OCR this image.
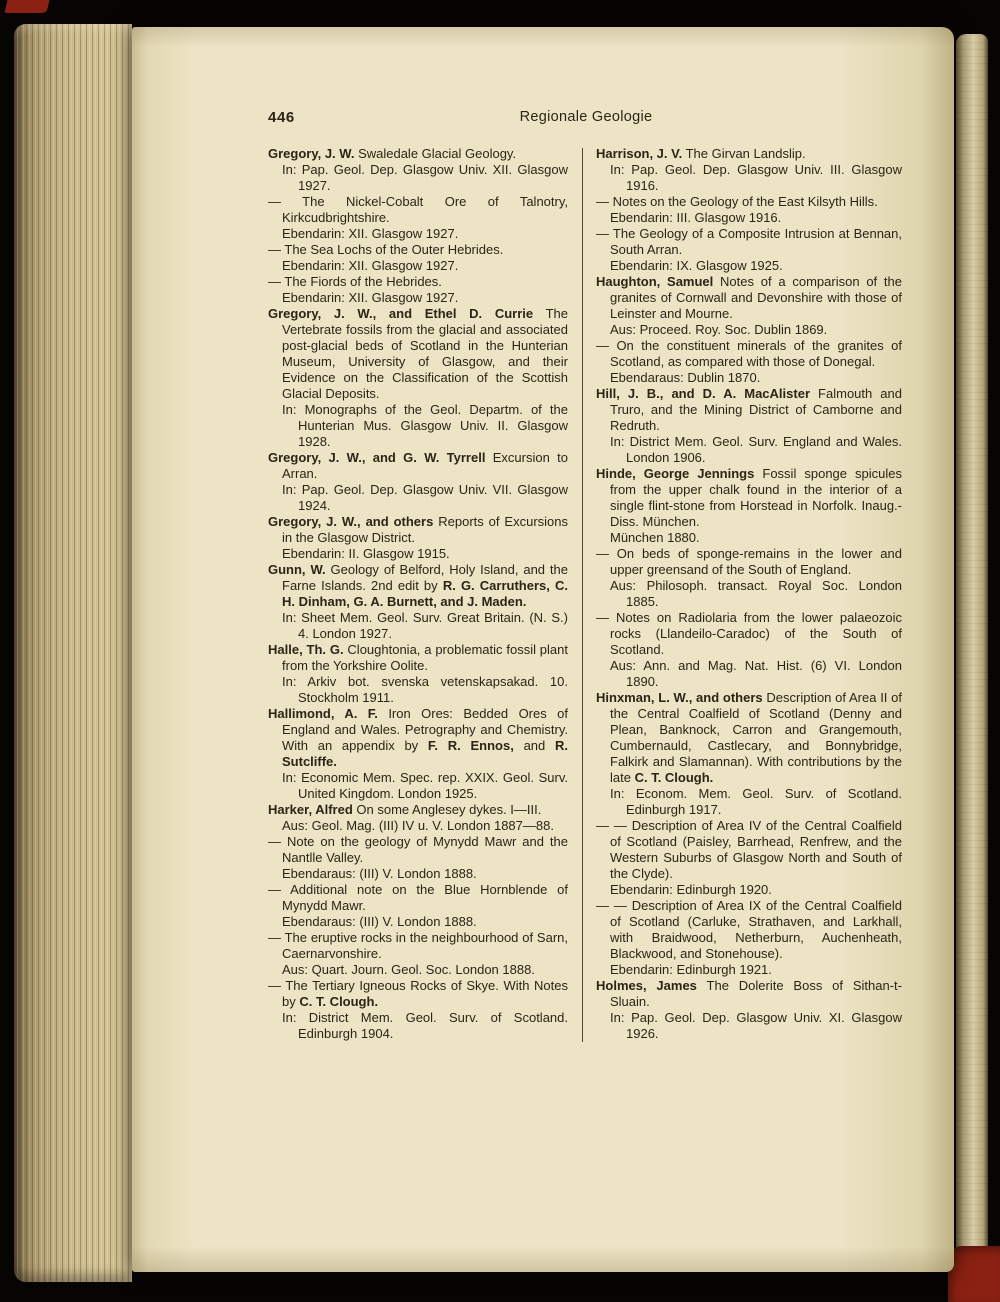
446	Regionale Geologie

Gregory, J. W. Swaledale Glacial Geology.

In: Pap. Geol. Dep. Glasgow Univ. XII. Glasgow 1927.

— The Nickel-Cobalt Ore of Talnotry, Kirkcudbrightshire.

Ebendarin: XII. Glasgow 1927.

— The Sea Lochs of the Outer Hebrides.

Ebendarin: XII. Glasgow 1927.

— The Fiords of the Hebrides.

Ebendarin: XII. Glasgow 1927.

Gregory, J. W., and Ethel D. Currie The Vertebrate fossils from the glacial and associated post-glacial beds of Scotland in the Hunterian Museum, University of Glasgow, and their Evidence on the Classification of the Scottish Glacial Deposits.

In: Monographs of the Geol. Departm. of the Hunterian Mus. Glasgow Univ. II. Glasgow 1928.

Gregory, J. W., and G. W. Tyrrell Excursion to Arran.

In: Pap. Geol. Dep. Glasgow Univ. VII. Glasgow 1924.

Gregory, J. W., and others Reports of Excursions in the Glasgow District.

Ebendarin: II. Glasgow 1915.

Gunn, W. Geology of Belford, Holy Island, and the Farne Islands. 2nd edit by R. G. Carruthers, C. H. Dinham, G. A. Burnett, and J. Maden.

In: Sheet Mem. Geol. Surv. Great Britain. (N. S.) 4. London 1927.

Halle, Th. G. Cloughtonia, a problematic fossil plant from the Yorkshire Oolite.

In: Arkiv bot. svenska vetenskapsakad. 10. Stockholm 1911.

Hallimond, A. F. Iron Ores: Bedded Ores of England and Wales. Petrography and Chemistry. With an appendix by F. R. Ennos, and R. Sutcliffe.

In: Economic Mem. Spec. rep. XXIX. Geol. Surv. United Kingdom. London 1925.

Harker, Alfred On some Anglesey dykes. I—III.

Aus: Geol. Mag. (III) IV u. V. London 1887—88.

— Note on the geology of Mynydd Mawr and the Nantlle Valley.

Ebendaraus: (III) V. London 1888.

— Additional note on the Blue Hornblende of Mynydd Mawr.

Ebendaraus: (III) V. London 1888.

— The eruptive rocks in the neighbourhood of Sarn, Caernarvonshire.

Aus: Quart. Journ. Geol. Soc. London 1888.

— The Tertiary Igneous Rocks of Skye. With Notes by C. T. Clough.

In: District Mem. Geol. Surv. of Scotland. Edinburgh 1904.

Harrison, J. V. The Girvan Landslip.

In: Pap. Geol. Dep. Glasgow Univ. III. Glasgow 1916.

— Notes on the Geology of the East Kilsyth Hills.

Ebendarin: III. Glasgow 1916.

— The Geology of a Composite Intrusion at Bennan, South Arran.

Ebendarin: IX. Glasgow 1925.

Haughton, Samuel Notes of a comparison of the granites of Cornwall and Devonshire with those of Leinster and Mourne.

Aus: Proceed. Roy. Soc. Dublin 1869.

— On the constituent minerals of the granites of Scotland, as compared with those of Donegal.

Ebendaraus: Dublin 1870.

Hill, J. B., and D. A. MacAlister Falmouth and Truro, and the Mining District of Camborne and Redruth.

In: District Mem. Geol. Surv. England and Wales. London 1906.

Hinde, George Jennings Fossil sponge spicules from the upper chalk found in the interior of a single flint-stone from Horstead in Norfolk. Inaug.-Diss. München.

München 1880.

— On beds of sponge-remains in the lower and upper greensand of the South of England.

Aus: Philosoph. transact. Royal Soc. London 1885.

— Notes on Radiolaria from the lower palaeozoic rocks (Llandeilo-Caradoc) of the South of Scotland.

Aus: Ann. and Mag. Nat. Hist. (6) VI. London 1890.

Hinxman, L. W., and others Description of Area II of the Central Coalfield of Scotland (Denny and Plean, Banknock, Carron and Grangemouth, Cumbernauld, Castlecary, and Bonnybridge, Falkirk and Slamannan). With contributions by the late C. T. Clough.

In: Econom. Mem. Geol. Surv. of Scotland. Edinburgh 1917.

— — Description of Area IV of the Central Coalfield of Scotland (Paisley, Barrhead, Renfrew, and the Western Suburbs of Glasgow North and South of the Clyde).

Ebendarin: Edinburgh 1920.

— — Description of Area IX of the Central Coalfield of Scotland (Carluke, Strathaven, and Larkhall, with Braidwood, Netherburn, Auchenheath, Blackwood, and Stonehouse).

Ebendarin: Edinburgh 1921.

Holmes, James The Dolerite Boss of Sithan-t-Sluain.

In: Pap. Geol. Dep. Glasgow Univ. XI. Glasgow 1926.
